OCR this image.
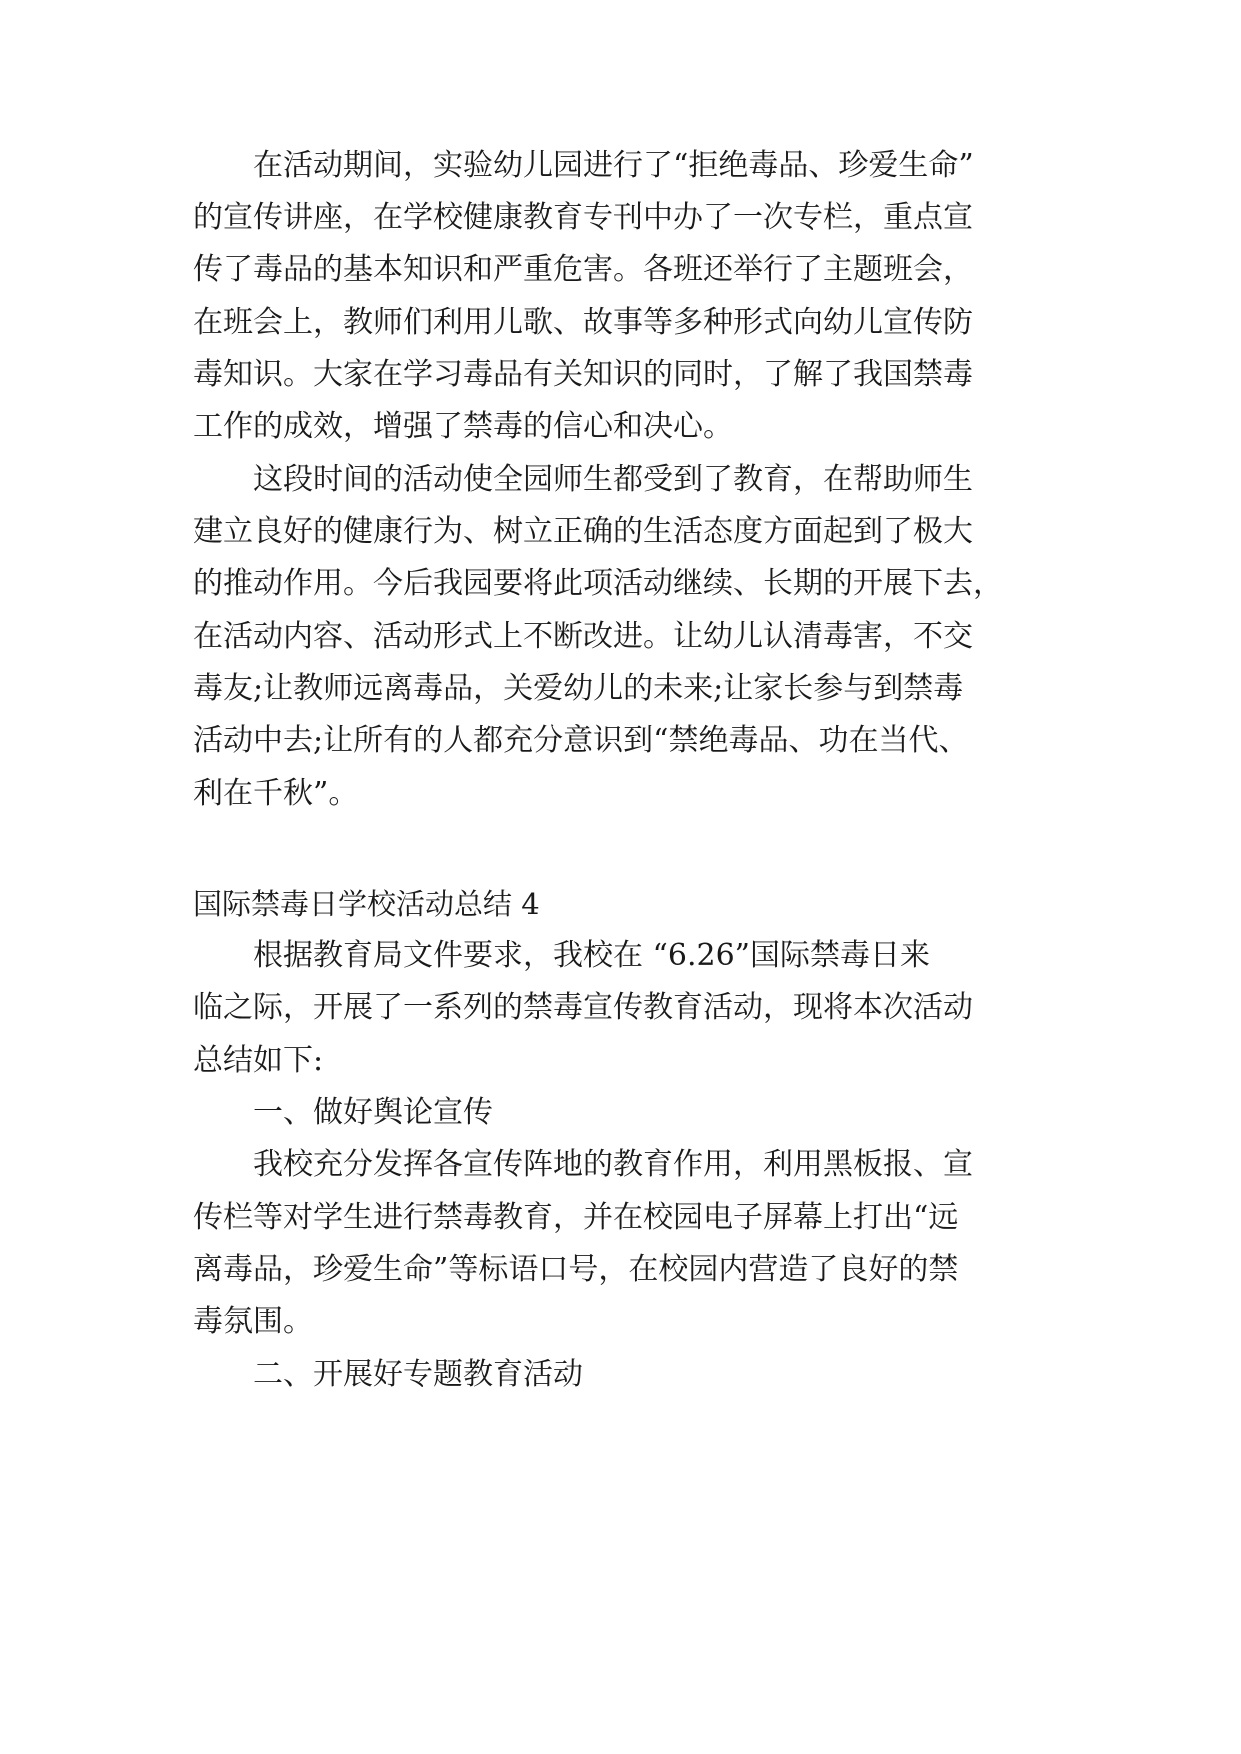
在活动期间，实验幼儿园进行了“拒绝毒品、珍爱生命”
的宣传讲座，在学校健康教育专刊中办了一次专栏，重点宣
传了毒品的基本知识和严重危害。各班还举行了主题班会，
在班会上，教师们利用儿歌、故事等多种形式向幼儿宣传防
毒知识。大家在学习毒品有关知识的同时，了解了我国禁毒
工作的成效，增强了禁毒的信心和决心。
这段时间的活动使全园师生都受到了教育，在帮助师生
建立良好的健康行为、树立正确的生活态度方面起到了极大
的推动作用。今后我园要将此项活动继续、长期的开展下去，
在活动内容、活动形式上不断改进。让幼儿认清毒害，不交
毒友;让教师远离毒品，关爱幼儿的未来;让家长参与到禁毒
活动中去;让所有的人都充分意识到“禁绝毒品、功在当代、
利在千秋”。
国际禁毒日学校活动总结 4
根据教育局文件要求，我校在 “6.26”国际禁毒日来
临之际，开展了一系列的禁毒宣传教育活动，现将本次活动
总结如下:
一、做好舆论宣传
我校充分发挥各宣传阵地的教育作用，利用黑板报、宣
传栏等对学生进行禁毒教育，并在校园电子屏幕上打出“远
离毒品，珍爱生命”等标语口号，在校园内营造了良好的禁
毒氛围。
二、开展好专题教育活动
